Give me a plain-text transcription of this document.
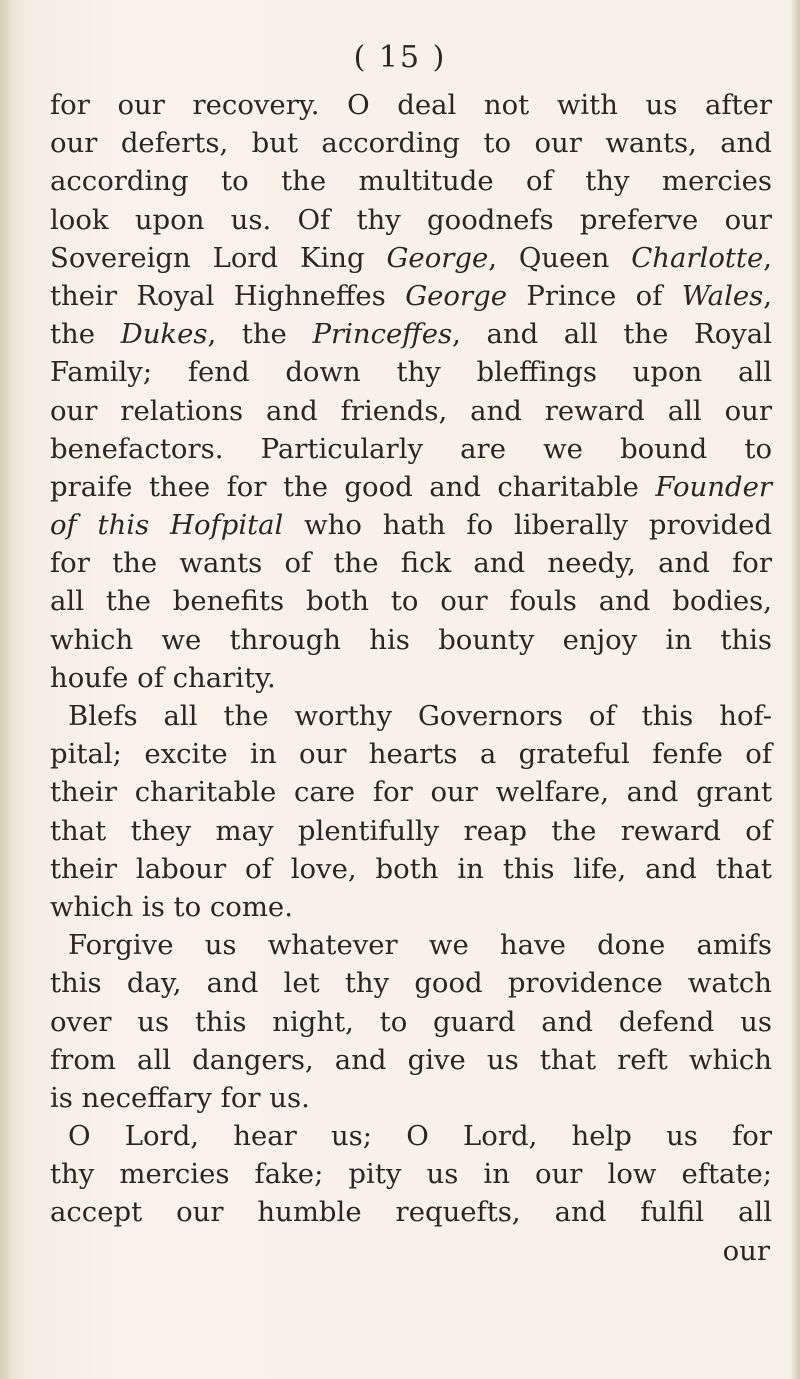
( 15 )
for our recovery. O deal not with us after
our deferts, but according to our wants, and
according to the multitude of thy mercies
look upon us. Of thy goodnefs preferve our
Sovereign Lord King George, Queen Charlotte,
their Royal Highneffes George Prince of Wales,
the Dukes, the Princeffes, and all the Royal
Family; fend down thy bleffings upon all
our relations and friends, and reward all our
benefactors. Particularly are we bound to
praife thee for the good and charitable Founder
of this Hofpital who hath fo liberally provided
for the wants of the fick and needy, and for
all the benefits both to our fouls and bodies,
which we through his bounty enjoy in this
houfe of charity.
Blefs all the worthy Governors of this hof-
pital; excite in our hearts a grateful fenfe of
their charitable care for our welfare, and grant
that they may plentifully reap the reward of
their labour of love, both in this life, and that
which is to come.
Forgive us whatever we have done amifs
this day, and let thy good providence watch
over us this night, to guard and defend us
from all dangers, and give us that reft which
is neceffary for us.
O Lord, hear us; O Lord, help us for
thy mercies fake; pity us in our low eftate;
accept our humble requefts, and fulfil all
our
